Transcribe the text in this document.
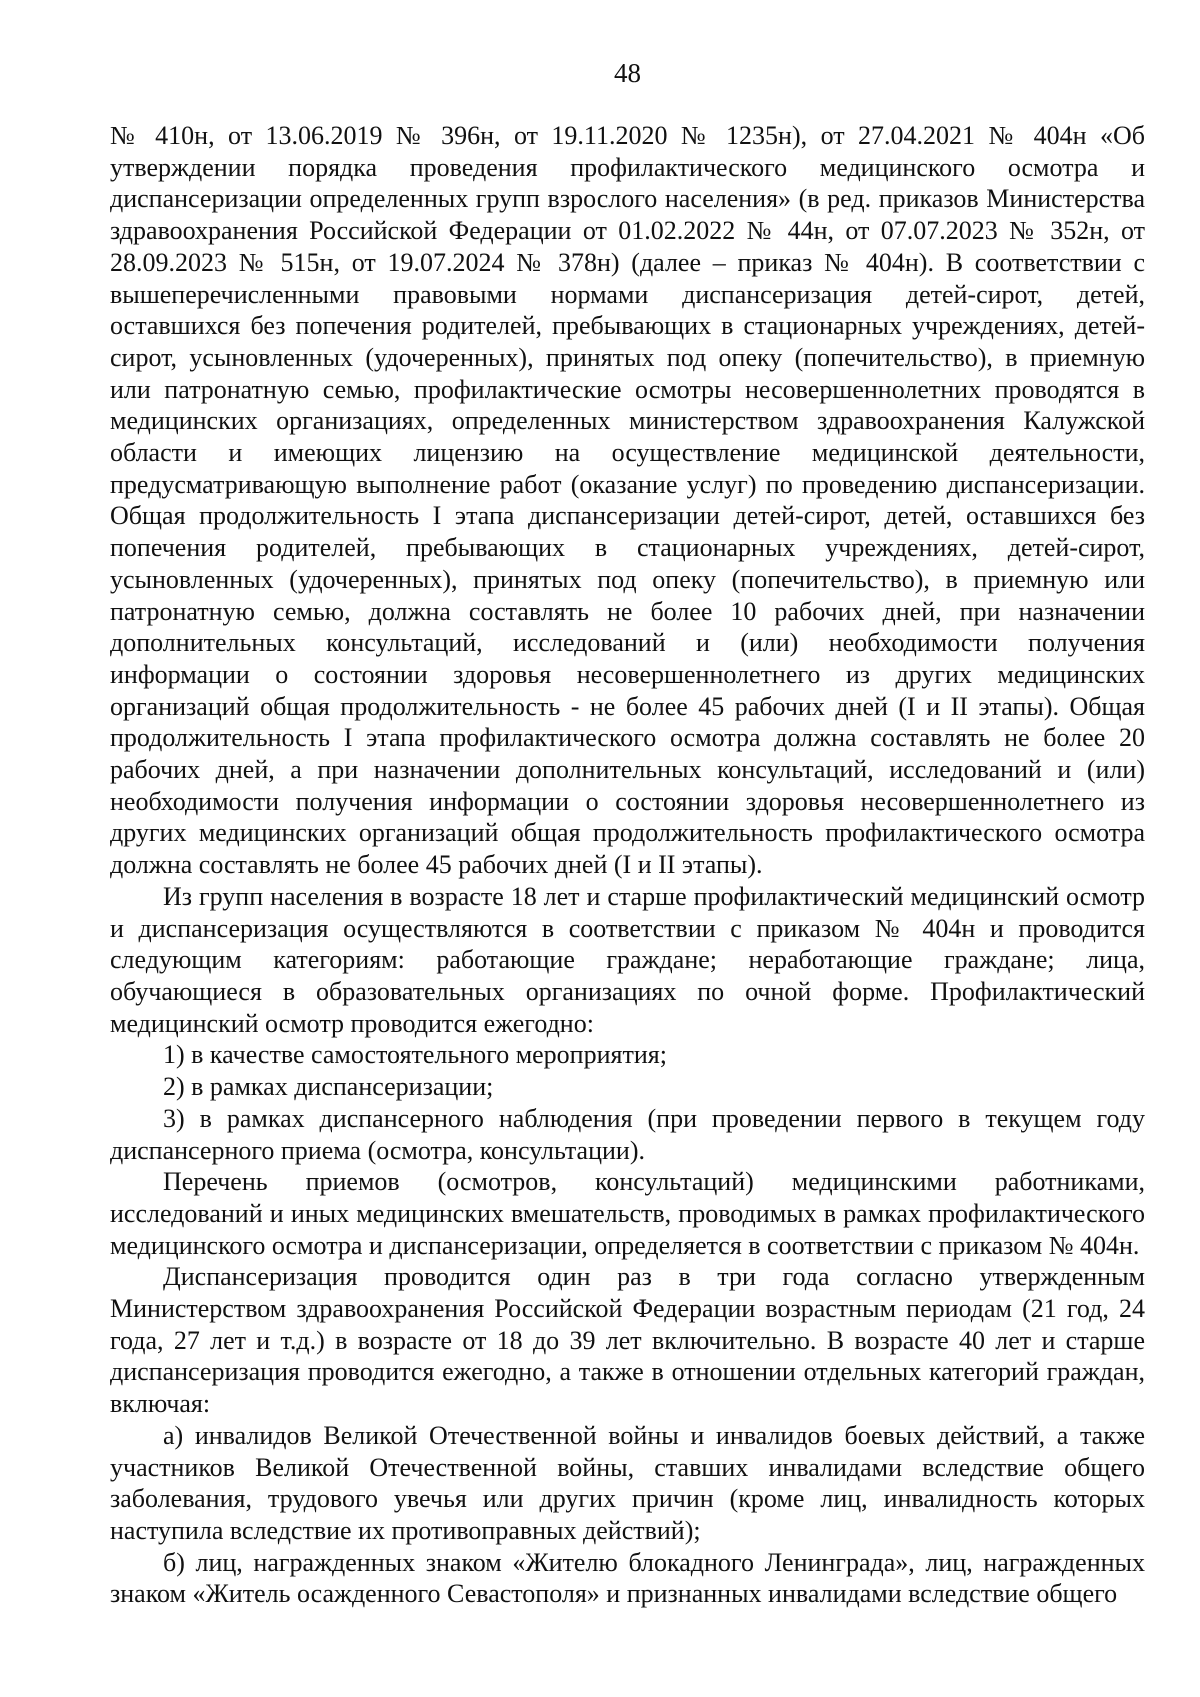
48

№ 410н, от 13.06.2019 № 396н, от 19.11.2020 № 1235н), от 27.04.2021 № 404н «Об утверждении порядка проведения профилактического медицинского осмотра и диспансеризации определенных групп взрослого населения» (в ред. приказов Министерства здравоохранения Российской Федерации от 01.02.2022 № 44н, от 07.07.2023 № 352н, от 28.09.2023 № 515н, от 19.07.2024 № 378н) (далее – приказ № 404н). В соответствии с вышеперечисленными правовыми нормами диспансеризация детей-сирот, детей, оставшихся без попечения родителей, пребывающих в стационарных учреждениях, детей-сирот, усыновленных (удочеренных), принятых под опеку (попечительство), в приемную или патронатную семью, профилактические осмотры несовершеннолетних проводятся в медицинских организациях, определенных министерством здравоохранения Калужской области и имеющих лицензию на осуществление медицинской деятельности, предусматривающую выполнение работ (оказание услуг) по проведению диспансеризации. Общая продолжительность I этапа диспансеризации детей-сирот, детей, оставшихся без попечения родителей, пребывающих в стационарных учреждениях, детей-сирот, усыновленных (удочеренных), принятых под опеку (попечительство), в приемную или патронатную семью, должна составлять не более 10 рабочих дней, при назначении дополнительных консультаций, исследований и (или) необходимости получения информации о состоянии здоровья несовершеннолетнего из других медицинских организаций общая продолжительность - не более 45 рабочих дней (I и II этапы). Общая продолжительность I этапа профилактического осмотра должна составлять не более 20 рабочих дней, а при назначении дополнительных консультаций, исследований и (или) необходимости получения информации о состоянии здоровья несовершеннолетнего из других медицинских организаций общая продолжительность профилактического осмотра должна составлять не более 45 рабочих дней (I и II этапы).

Из групп населения в возрасте 18 лет и старше профилактический медицинский осмотр и диспансеризация осуществляются в соответствии с приказом № 404н и проводится следующим категориям: работающие граждане; неработающие граждане; лица, обучающиеся в образовательных организациях по очной форме. Профилактический медицинский осмотр проводится ежегодно:

1) в качестве самостоятельного мероприятия;

2) в рамках диспансеризации;

3) в рамках диспансерного наблюдения (при проведении первого в текущем году диспансерного приема (осмотра, консультации).

Перечень приемов (осмотров, консультаций) медицинскими работниками, исследований и иных медицинских вмешательств, проводимых в рамках профилактического медицинского осмотра и диспансеризации, определяется в соответствии с приказом № 404н.

Диспансеризация проводится один раз в три года согласно утвержденным Министерством здравоохранения Российской Федерации возрастным периодам (21 год, 24 года, 27 лет и т.д.) в возрасте от 18 до 39 лет включительно. В возрасте 40 лет и старше диспансеризация проводится ежегодно, а также в отношении отдельных категорий граждан, включая:

а) инвалидов Великой Отечественной войны и инвалидов боевых действий, а также участников Великой Отечественной войны, ставших инвалидами вследствие общего заболевания, трудового увечья или других причин (кроме лиц, инвалидность которых наступила вследствие их противоправных действий);

б) лиц, награжденных знаком «Жителю блокадного Ленинграда», лиц, награжденных знаком «Житель осажденного Севастополя» и признанных инвалидами вследствие общего
